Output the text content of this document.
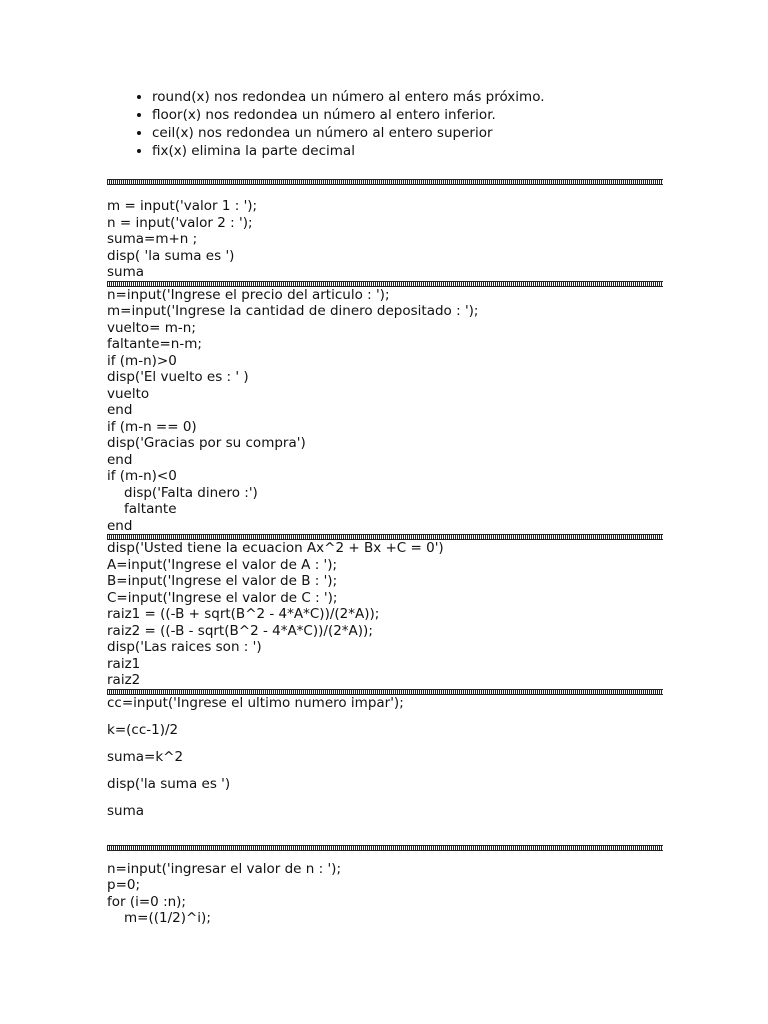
• round(x) nos redondea un número al entero más próximo.
• floor(x) nos redondea un número al entero inferior.
• ceil(x) nos redondea un número al entero superior
• fix(x) elimina la parte decimal
m = input('valor 1 : ');
n = input('valor 2 : ');
suma=m+n ;
disp( 'la suma es ')
suma
n=input('Ingrese el precio del articulo : ');
m=input('Ingrese la cantidad de dinero depositado : ');
vuelto= m-n;
faltante=n-m;
if (m-n)>0
disp('El vuelto es : ' )
vuelto
end
if (m-n == 0)
disp('Gracias por su compra')
end
if (m-n)<0
disp('Falta dinero :')
faltante
end
disp('Usted tiene la ecuacion Ax^2 + Bx +C = 0')
A=input('Ingrese el valor de A : ');
B=input('Ingrese el valor de B : ');
C=input('Ingrese el valor de C : ');
raiz1 = ((-B + sqrt(B^2 - 4*A*C))/(2*A));
raiz2 = ((-B - sqrt(B^2 - 4*A*C))/(2*A));
disp('Las raices son : ')
raiz1
raiz2
cc=input('Ingrese el ultimo numero impar');
k=(cc-1)/2
suma=k^2
disp('la suma es ')
suma
n=input('ingresar el valor de n : ');
p=0;
for (i=0 :n);
m=((1/2)^i);
